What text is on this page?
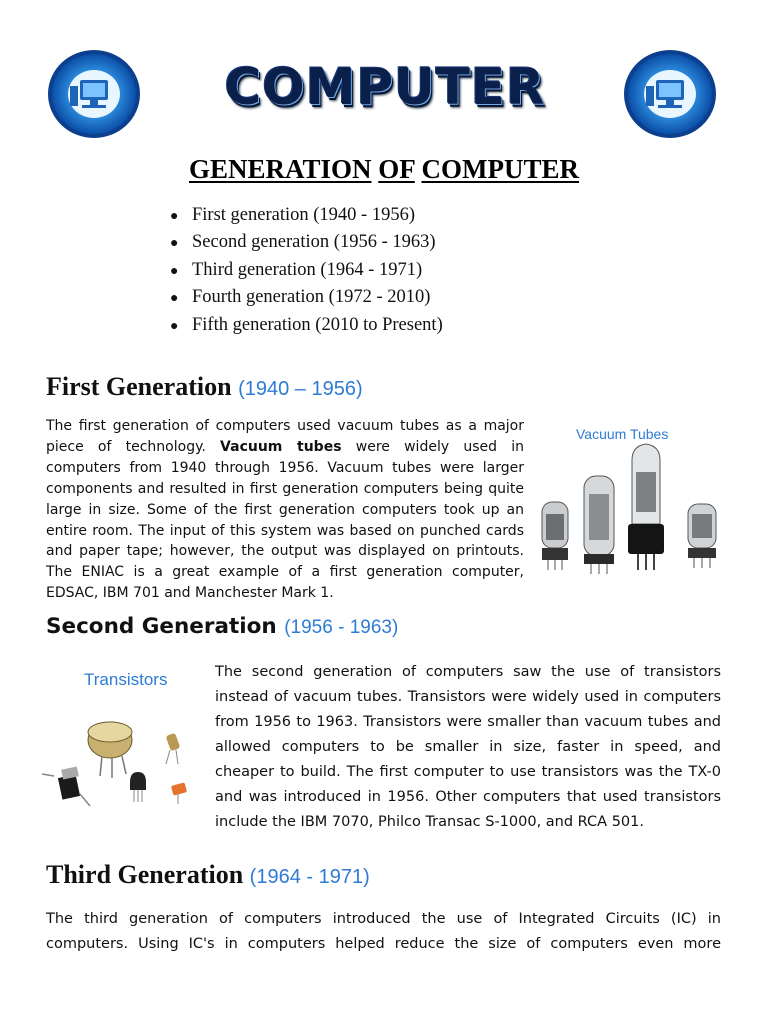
COMPUTER
GENERATION OF COMPUTER
● First generation (1940 - 1956)
● Second generation (1956 - 1963)
● Third generation (1964 - 1971)
● Fourth generation (1972 - 2010)
● Fifth generation (2010 to Present)
First Generation (1940 – 1956)
The first generation of computers used vacuum tubes as a major piece of technology. Vacuum tubes were widely used in computers from 1940 through 1956. Vacuum tubes were larger components and resulted in first generation computers being quite large in size. Some of the first generation computers took up an entire room. The input of this system was based on punched cards and paper tape; however, the output was displayed on printouts. The ENIAC is a great example of a first generation computer, EDSAC, IBM 701 and Manchester Mark 1.
Vacuum Tubes
Second Generation (1956 - 1963)
Transistors	The second generation of computers saw the use of transistors instead of vacuum tubes. Transistors were widely used in computers from 1956 to 1963. Transistors were smaller than vacuum tubes and allowed computers to be smaller in size, faster in speed, and cheaper to build. The first computer to use transistors was the TX-0 and was introduced in 1956. Other computers that used transistors include the IBM 7070, Philco Transac S-1000, and RCA 501.
Third Generation (1964 - 1971)
The third generation of computers introduced the use of Integrated Circuits (IC) in computers. Using IC's in computers helped reduce the size of computers even more
